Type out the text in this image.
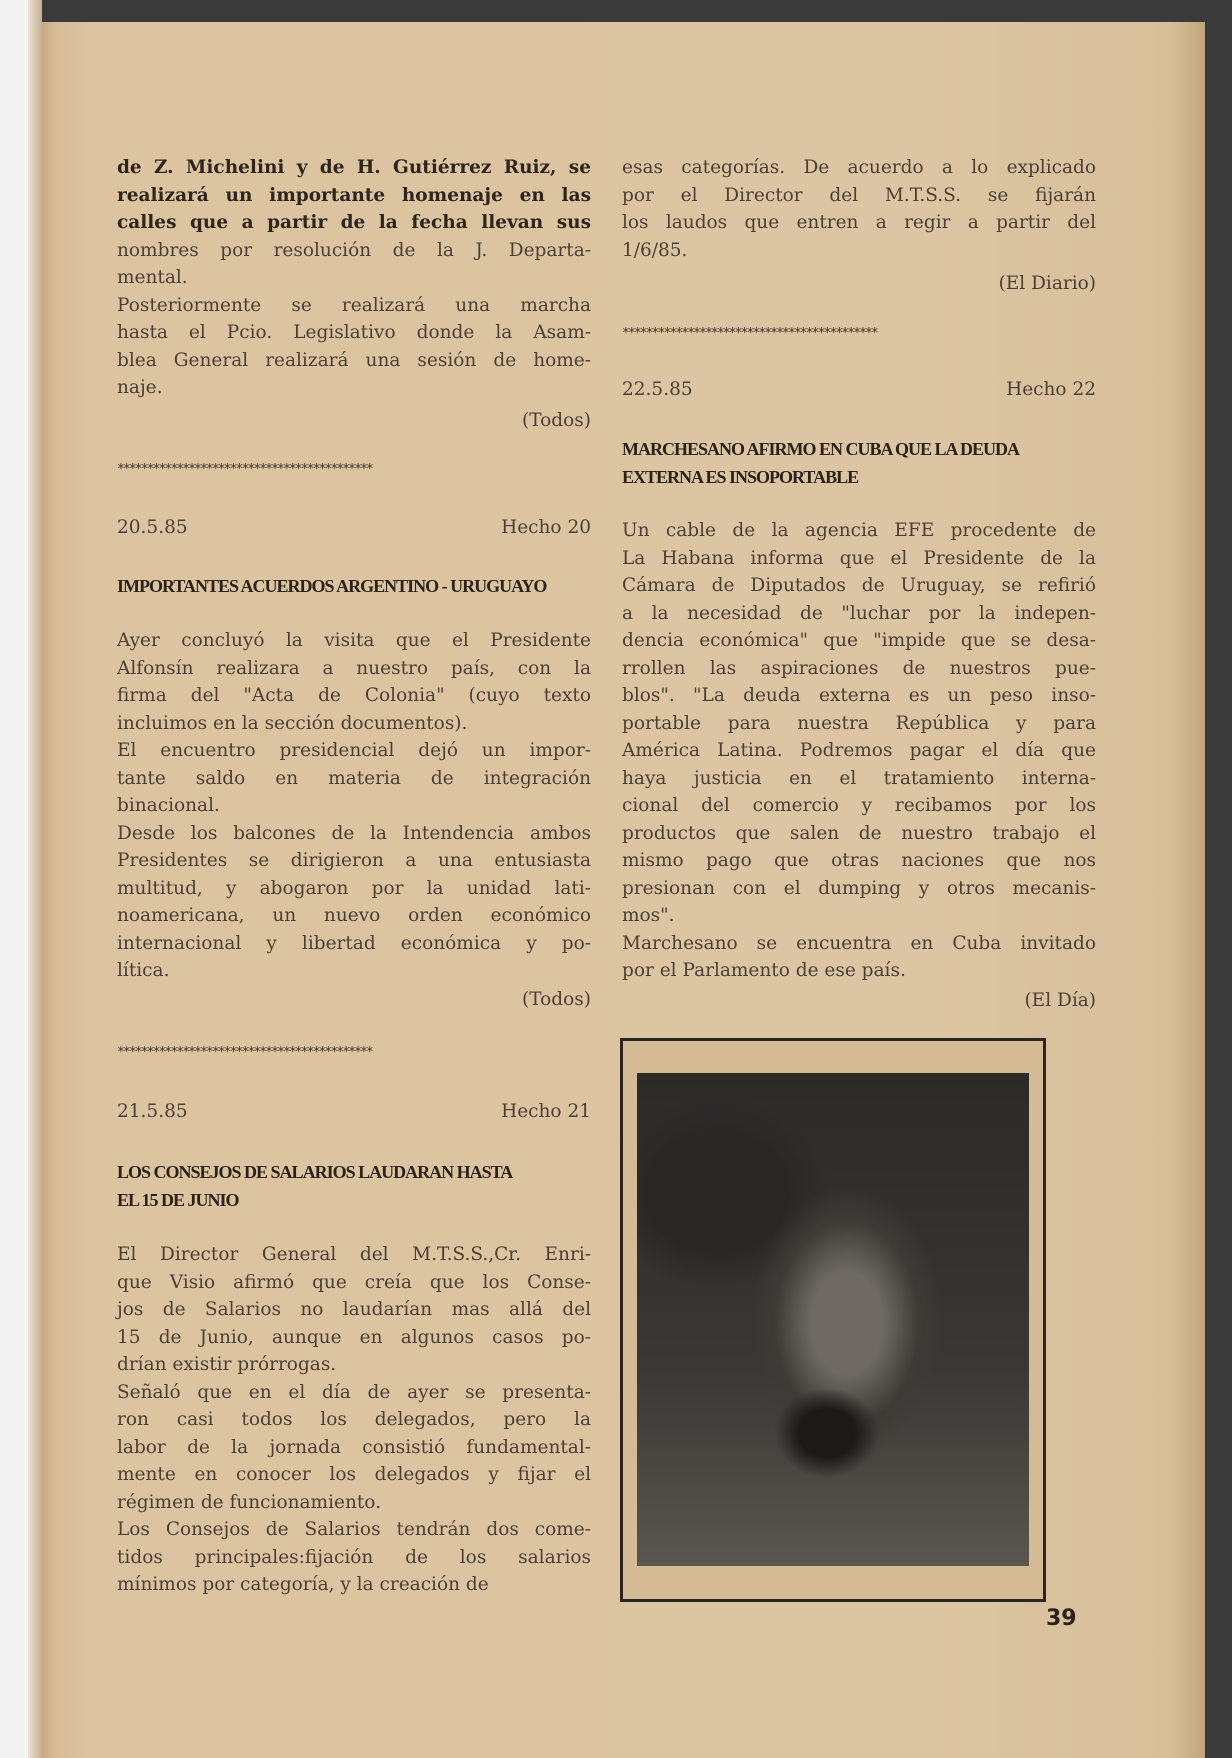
de Z. Michelini y de H. Gutiérrez Ruiz, se
realizará un importante homenaje en las
calles que a partir de la fecha llevan sus
nombres por resolución de la J. Departa-
mental.
Posteriormente se realizará una marcha
hasta el Pcio. Legislativo donde la Asam-
blea General realizará una sesión de home-
naje.
(Todos)
*******************************************
20.5.85	Hecho 20
IMPORTANTES ACUERDOS ARGENTINO - URUGUAYO
Ayer concluyó la visita que el Presidente
Alfonsín realizara a nuestro país, con la
firma del "Acta de Colonia" (cuyo texto
incluimos en la sección documentos).
El encuentro presidencial dejó un impor-
tante saldo en materia de integración
binacional.
Desde los balcones de la Intendencia ambos
Presidentes se dirigieron a una entusiasta
multitud, y abogaron por la unidad lati-
noamericana, un nuevo orden económico
internacional y libertad económica y po-
lítica.
(Todos)
*******************************************
21.5.85	Hecho 21
LOS CONSEJOS DE SALARIOS LAUDARAN HASTA
EL 15 DE JUNIO
El Director General del M.T.S.S.,Cr. Enri-
que Visio afirmó que creía que los Conse-
jos de Salarios no laudarían mas allá del
15 de Junio, aunque en algunos casos po-
drían existir prórrogas.
Señaló que en el día de ayer se presenta-
ron casi todos los delegados, pero la
labor de la jornada consistió fundamental-
mente en conocer los delegados y fijar el
régimen de funcionamiento.
Los Consejos de Salarios tendrán dos come-
tidos principales:fijación de los salarios
mínimos por categoría, y la creación de
esas categorías. De acuerdo a lo explicado
por el Director del M.T.S.S. se fijarán
los laudos que entren a regir a partir del
1/6/85.
(El Diario)
*******************************************
22.5.85	Hecho 22
MARCHESANO AFIRMO EN CUBA QUE LA DEUDA
EXTERNA ES INSOPORTABLE
Un cable de la agencia EFE procedente de
La Habana informa que el Presidente de la
Cámara de Diputados de Uruguay, se refirió
a la necesidad de "luchar por la indepen-
dencia económica" que "impide que se desa-
rrollen las aspiraciones de nuestros pue-
blos". "La deuda externa es un peso inso-
portable para nuestra República y para
América Latina. Podremos pagar el día que
haya justicia en el tratamiento interna-
cional del comercio y recibamos por los
productos que salen de nuestro trabajo el
mismo pago que otras naciones que nos
presionan con el dumping y otros mecanis-
mos".
Marchesano se encuentra en Cuba invitado
por el Parlamento de ese país.
(El Día)
39
